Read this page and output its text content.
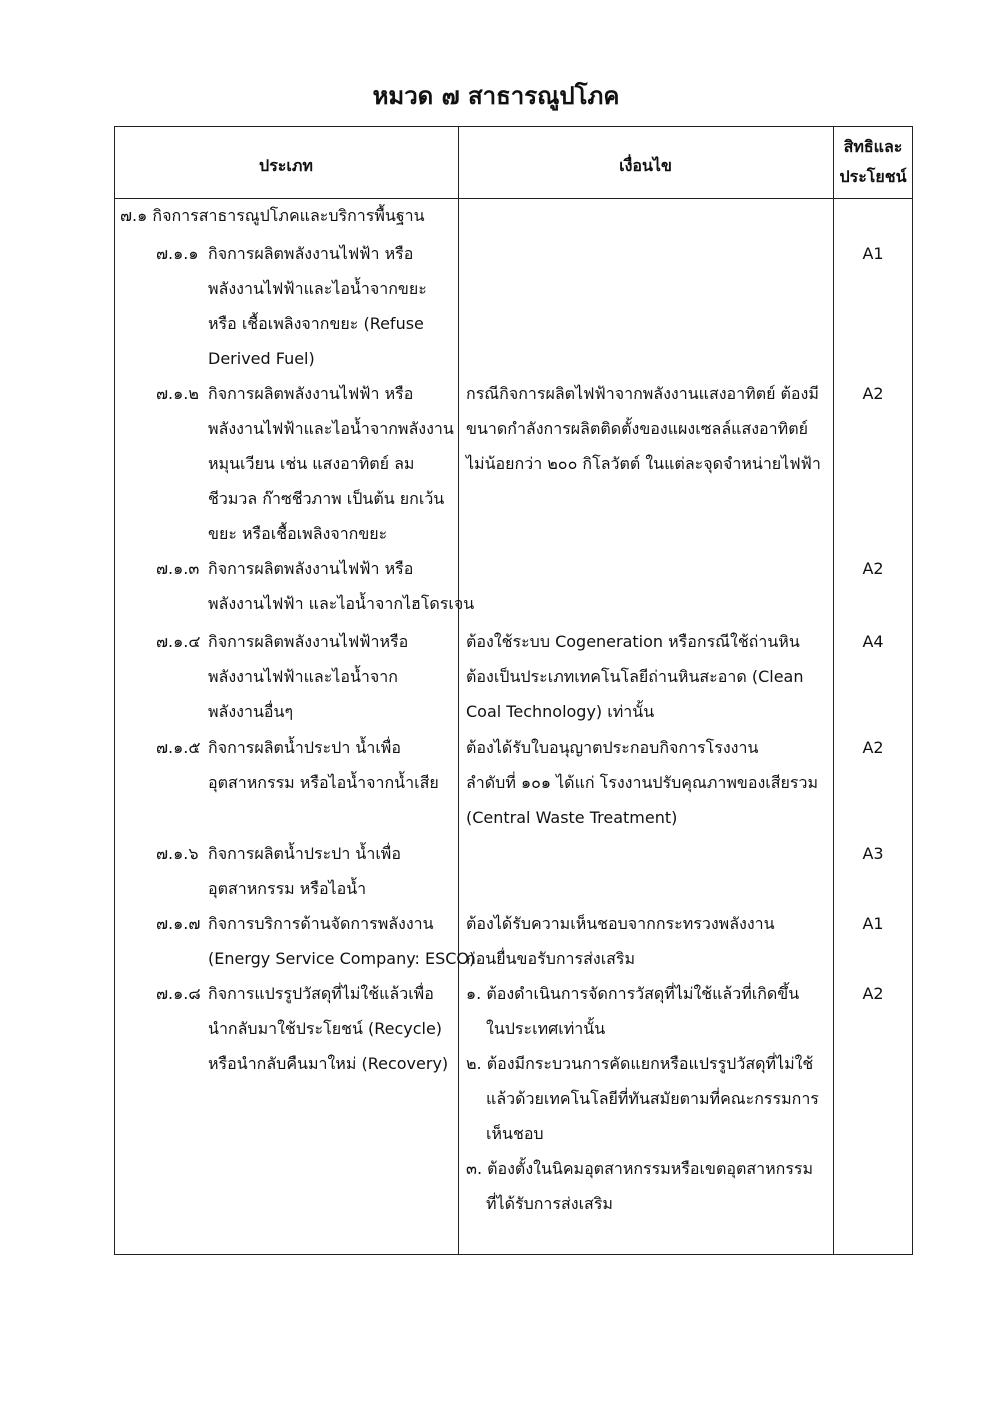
หมวด ๗ สาธารณูปโภค
ประเภท	เงื่อนไข
สิทธิและ
ประโยชน์
๗.๑ กิจการสาธารณูปโภคและบริการพื้นฐาน
๗.๑.๑ กิจการผลิตพลังงานไฟฟ้า หรือ
พลังงานไฟฟ้าและไอน้ำจากขยะ
หรือ เชื้อเพลิงจากขยะ (Refuse
Derived Fuel)
A1
๗.๑.๒ กิจการผลิตพลังงานไฟฟ้า หรือ
พลังงานไฟฟ้าและไอน้ำจากพลังงาน
หมุนเวียน เช่น แสงอาทิตย์ ลม
ชีวมวล ก๊าซชีวภาพ เป็นต้น ยกเว้น
ขยะ หรือเชื้อเพลิงจากขยะ
กรณีกิจการผลิตไฟฟ้าจากพลังงานแสงอาทิตย์ ต้องมี
ขนาดกำลังการผลิตติดตั้งของแผงเซลล์แสงอาทิตย์
ไม่น้อยกว่า ๒๐๐ กิโลวัตต์ ในแต่ละจุดจำหน่ายไฟฟ้า
A2
๗.๑.๓ กิจการผลิตพลังงานไฟฟ้า หรือ
พลังงานไฟฟ้า และไอน้ำจากไฮโดรเจน
A2
๗.๑.๔ กิจการผลิตพลังงานไฟฟ้าหรือ
พลังงานไฟฟ้าและไอน้ำจาก
พลังงานอื่นๆ
ต้องใช้ระบบ Cogeneration หรือกรณีใช้ถ่านหิน
ต้องเป็นประเภทเทคโนโลยีถ่านหินสะอาด (Clean
Coal Technology) เท่านั้น
A4
๗.๑.๕ กิจการผลิตน้ำประปา น้ำเพื่อ
อุตสาหกรรม หรือไอน้ำจากน้ำเสีย
ต้องได้รับใบอนุญาตประกอบกิจการโรงงาน
ลำดับที่ ๑๐๑ ได้แก่ โรงงานปรับคุณภาพของเสียรวม
(Central Waste Treatment)
A2
๗.๑.๖ กิจการผลิตน้ำประปา น้ำเพื่อ
อุตสาหกรรม หรือไอน้ำ
A3
๗.๑.๗ กิจการบริการด้านจัดการพลังงาน
(Energy Service Company: ESCO)
ต้องได้รับความเห็นชอบจากกระทรวงพลังงาน
ก่อนยื่นขอรับการส่งเสริม
A1
๗.๑.๘ กิจการแปรรูปวัสดุที่ไม่ใช้แล้วเพื่อ
นำกลับมาใช้ประโยชน์ (Recycle)
หรือนำกลับคืนมาใหม่ (Recovery)
๑. ต้องดำเนินการจัดการวัสดุที่ไม่ใช้แล้วที่เกิดขึ้น
ในประเทศเท่านั้น
๒. ต้องมีกระบวนการคัดแยกหรือแปรรูปวัสดุที่ไม่ใช้
แล้วด้วยเทคโนโลยีที่ทันสมัยตามที่คณะกรรมการ
เห็นชอบ
๓. ต้องตั้งในนิคมอุตสาหกรรมหรือเขตอุตสาหกรรม
ที่ได้รับการส่งเสริม
A2
